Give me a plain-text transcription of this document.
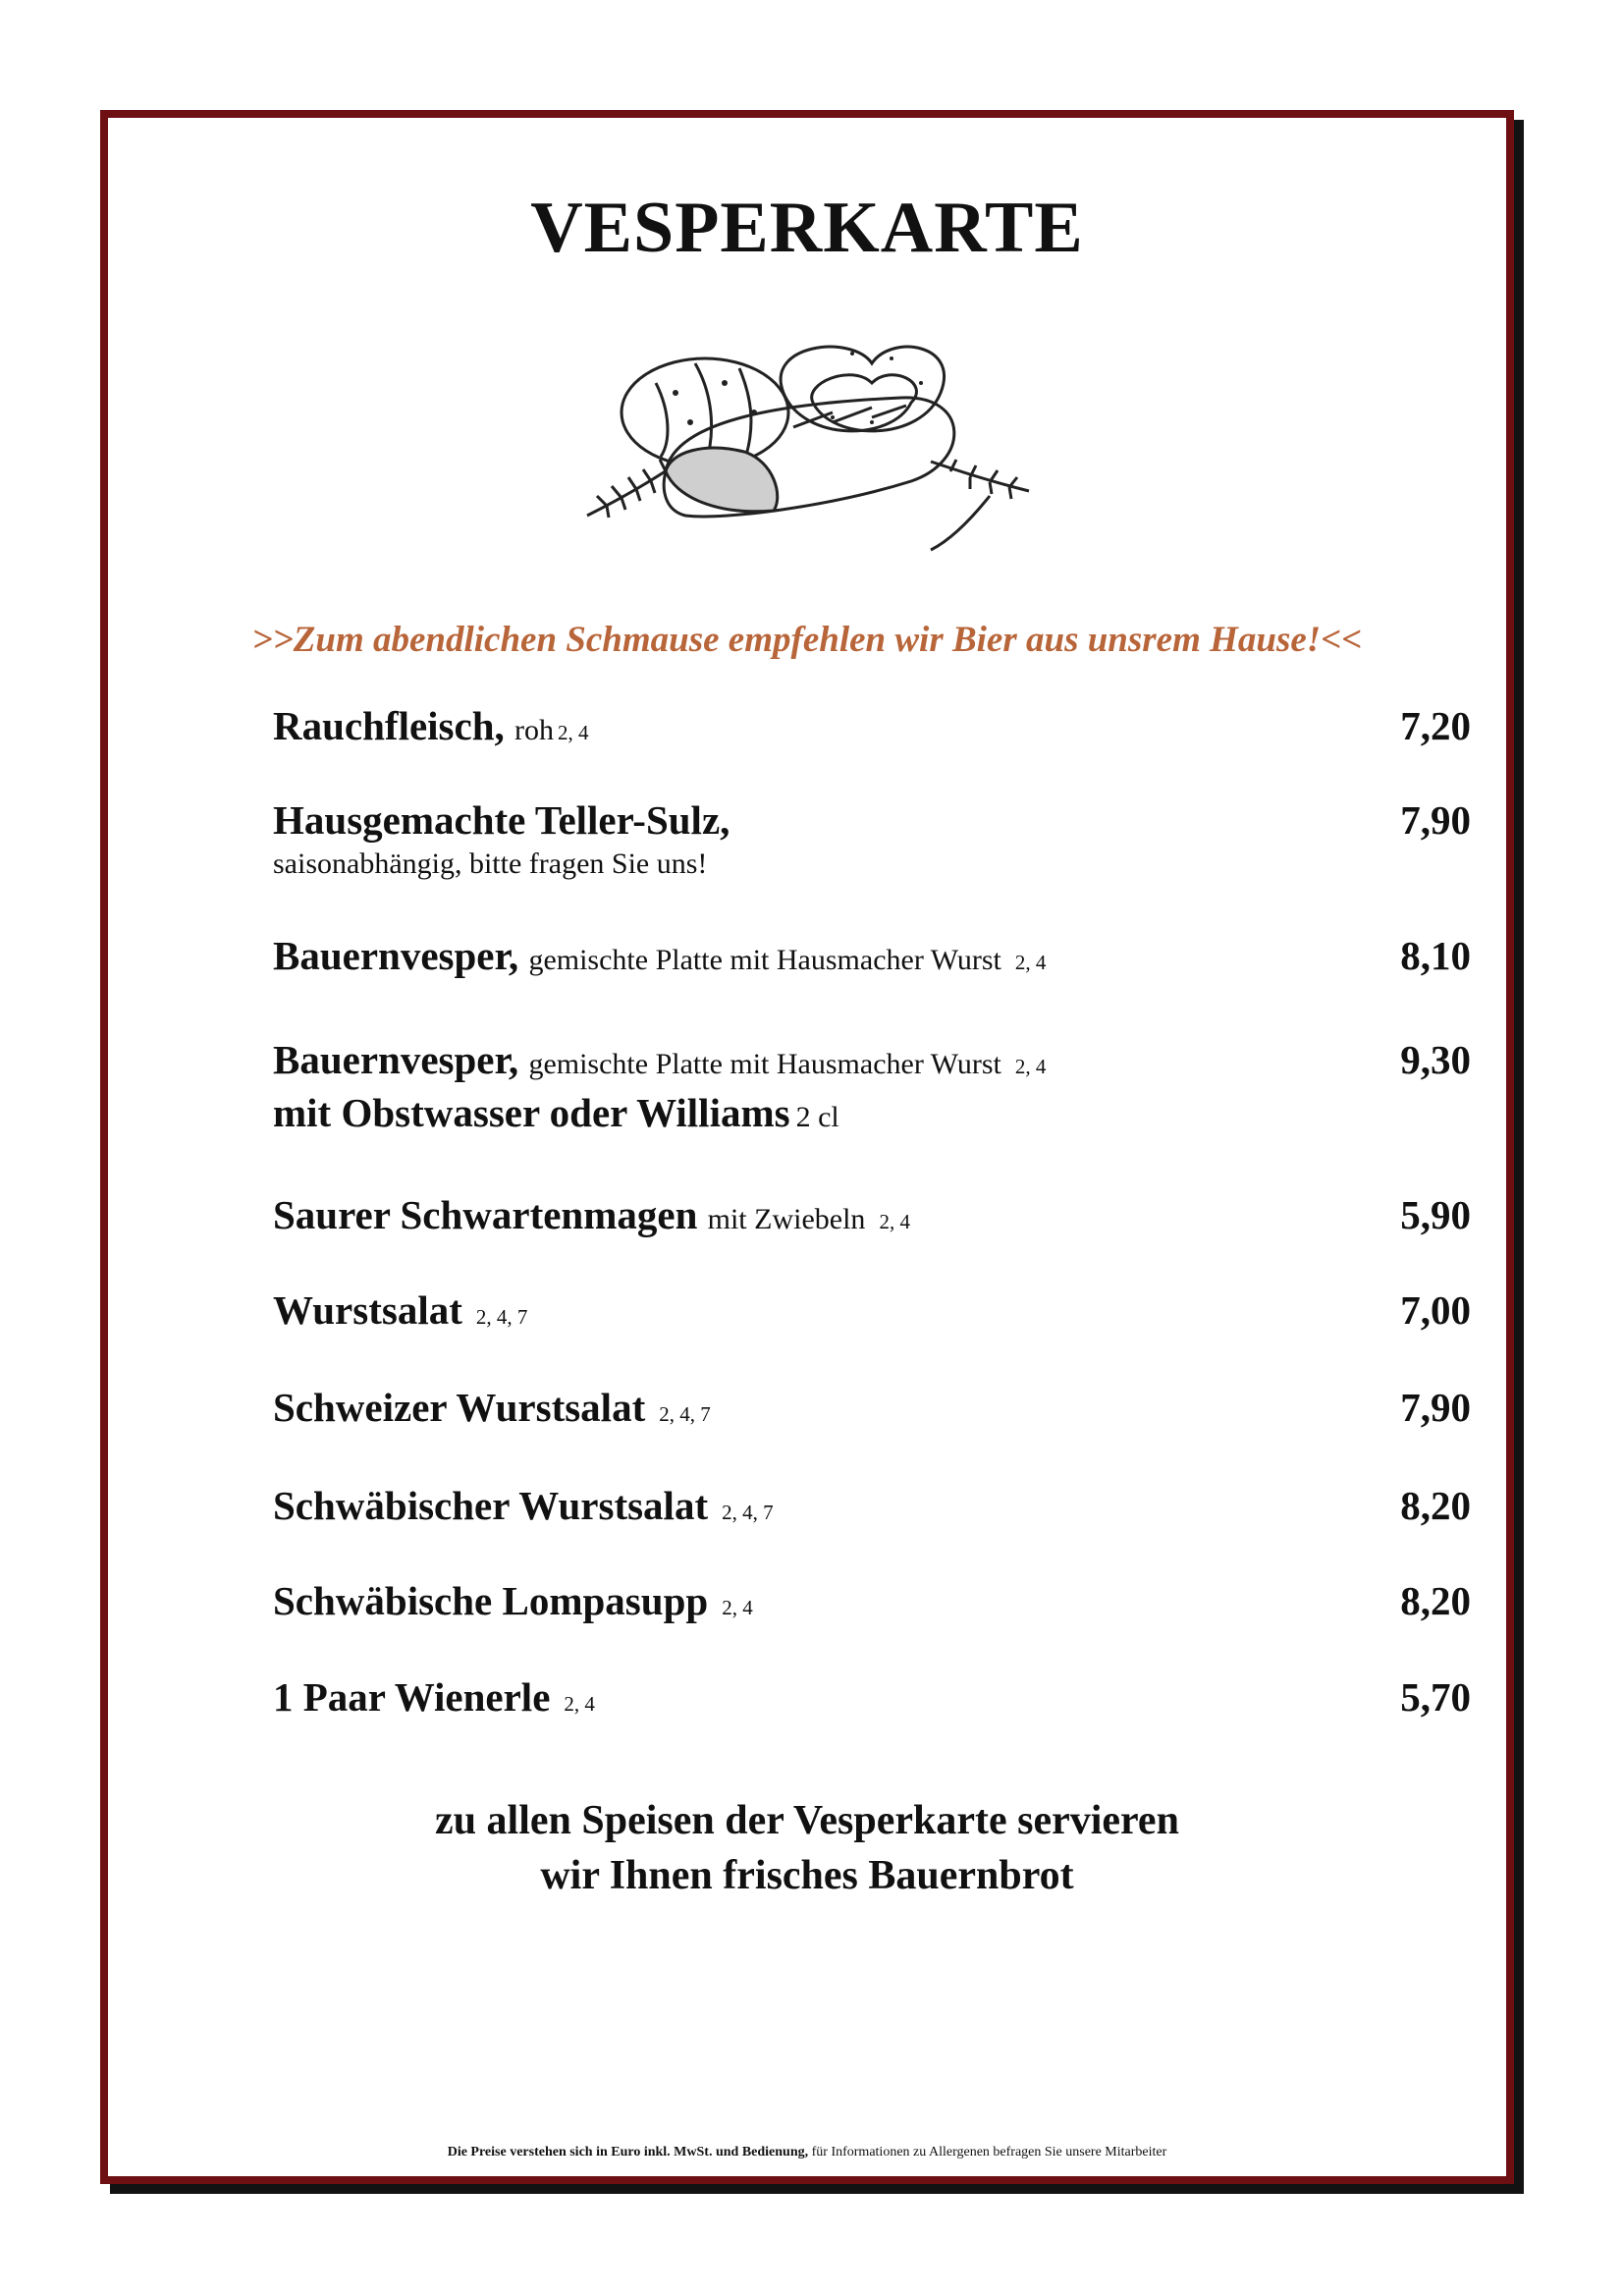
VESPERKARTE
>>Zum abendlichen Schmause empfehlen wir Bier aus unsrem Hause!<<
Rauchfleisch, roh 2, 4	7,20
Hausgemachte Teller-Sulz,
saisonabhängig, bitte fragen Sie uns!
7,90
Bauernvesper, gemischte Platte mit Hausmacher Wurst 2, 4	8,10
Bauernvesper, gemischte Platte mit Hausmacher Wurst 2, 4
mit Obstwasser oder Williams 2 cl
9,30
Saurer Schwartenmagen mit Zwiebeln 2, 4	5,90
Wurstsalat 2, 4, 7	7,00
Schweizer Wurstsalat 2, 4, 7	7,90
Schwäbischer Wurstsalat 2, 4, 7	8,20
Schwäbische Lompasupp 2, 4	8,20
1 Paar Wienerle 2, 4	5,70
zu allen Speisen der Vesperkarte servieren
wir Ihnen frisches Bauernbrot
Die Preise verstehen sich in Euro inkl. MwSt. und Bedienung, für Informationen zu Allergenen befragen Sie unsere Mitarbeiter
